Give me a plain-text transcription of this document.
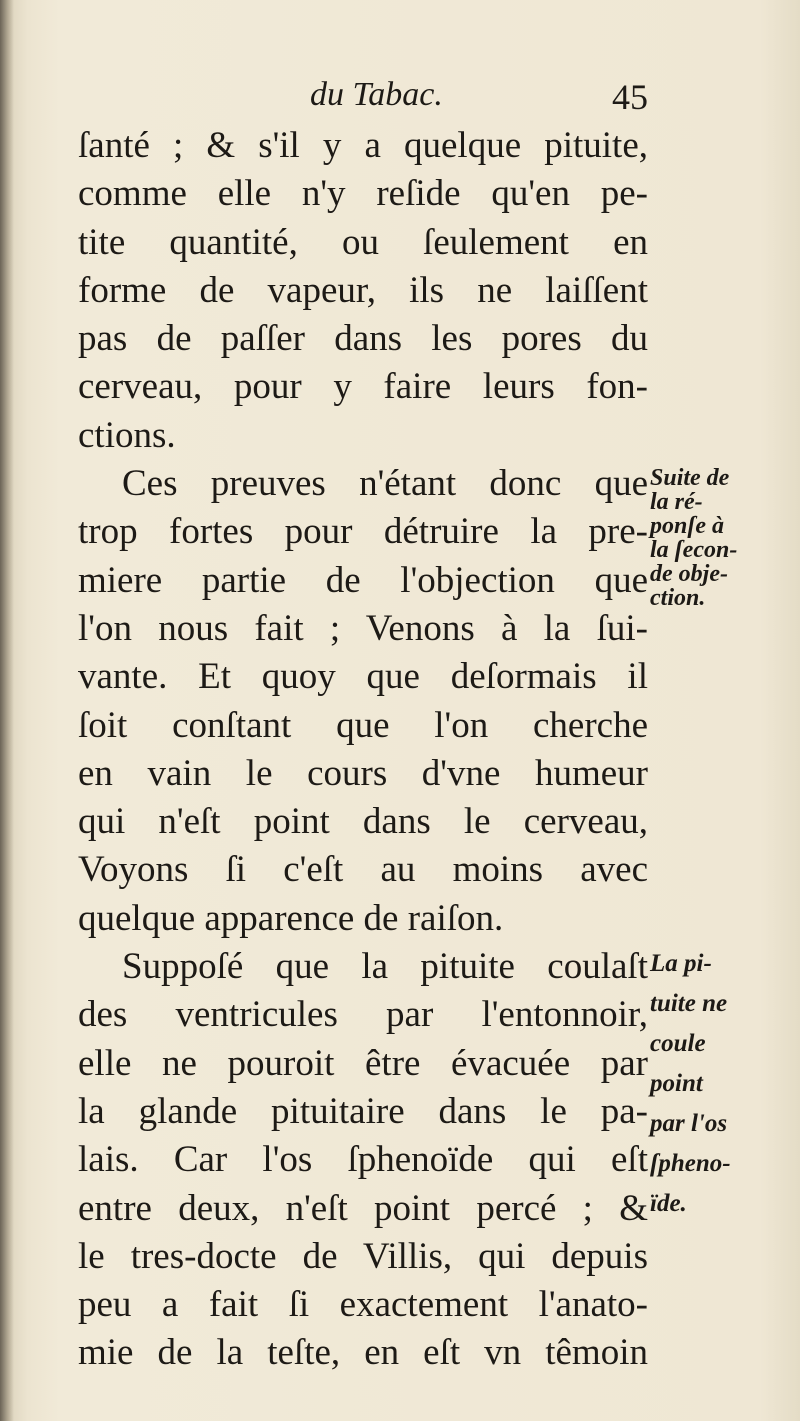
du Tabac.	45
ſanté ; & s'il y a quelque pituite,
comme elle n'y reſide qu'en pe-
tite quantité, ou ſeulement en
forme de vapeur, ils ne laiſſent
pas de paſſer dans les pores du
cerveau, pour y faire leurs fon-
ctions.
Ces preuves n'étant donc que
trop fortes pour détruire la pre-
miere partie de l'objection que
l'on nous fait ; Venons à la ſui-
vante. Et quoy que deſormais il
ſoit conſtant que l'on cherche
en vain le cours d'vne humeur
qui n'eſt point dans le cerveau,
Voyons ſi c'eſt au moins avec
quelque apparence de raiſon.
Suppoſé que la pituite coulaſt
des ventricules par l'entonnoir,
elle ne pouroit être évacuée par
la glande pituitaire dans le pa-
lais. Car l'os ſphenoïde qui eſt
entre deux, n'eſt point percé ; &
le tres-docte de Villis, qui depuis
peu a fait ſi exactement l'anato-
mie de la teſte, en eſt vn têmoin
Suite de
la ré-
ponſe à
la ſecon-
de obje-
ction.
La pi-
tuite ne
coule
point
par l'os
ſpheno-
ïde.
